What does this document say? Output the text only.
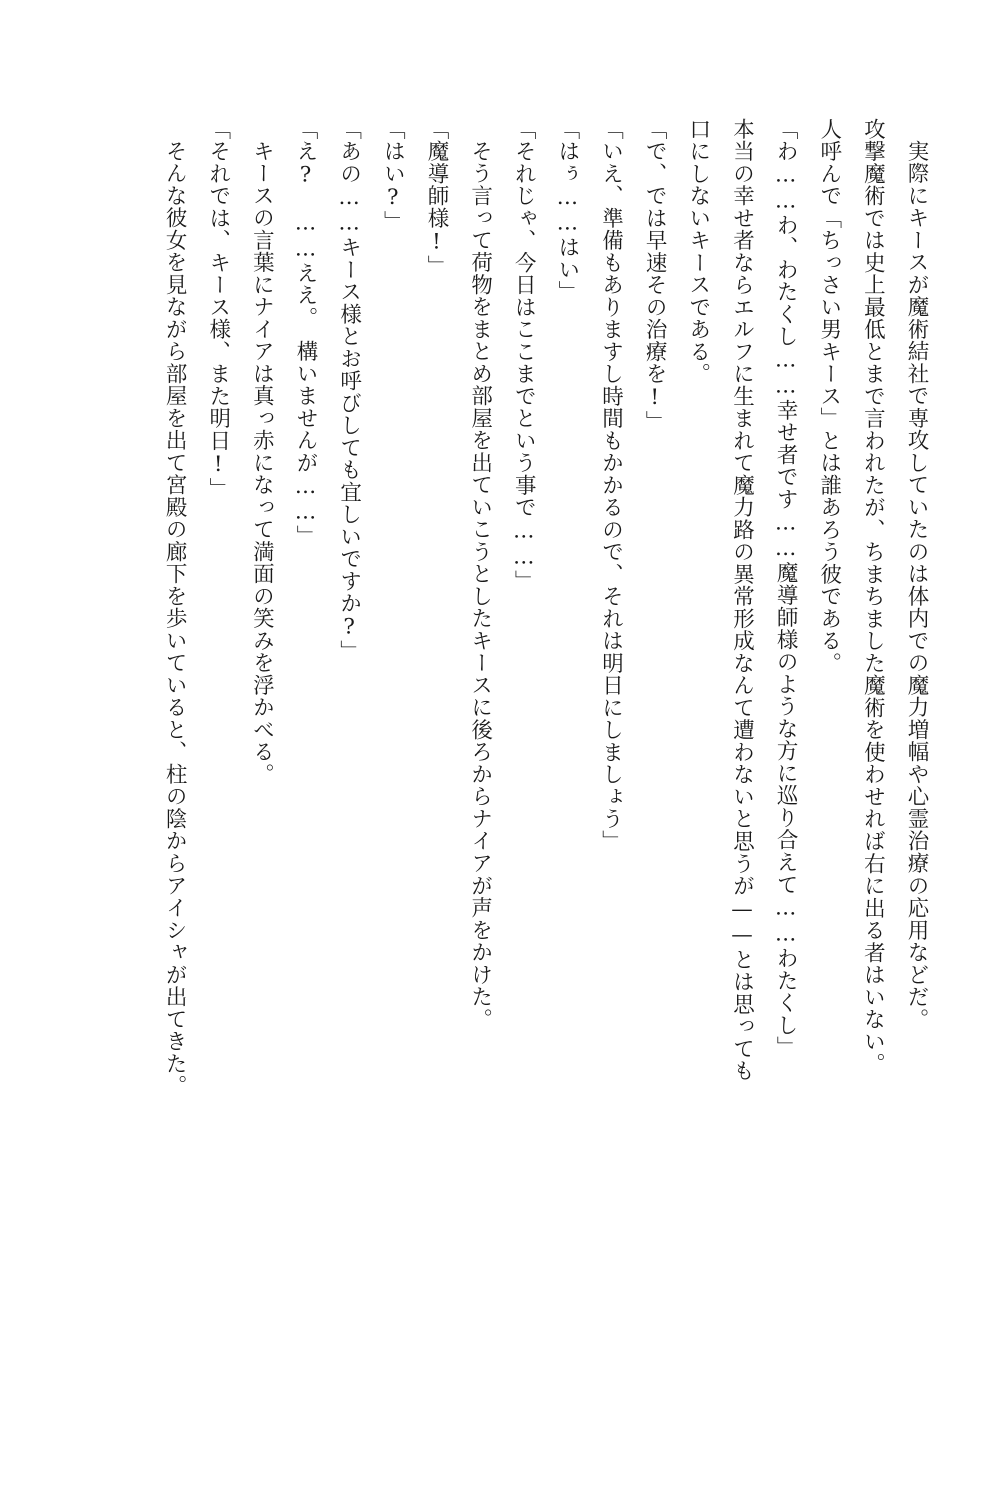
実際にキースが魔術結社で専攻していたのは体内での魔力増幅や心霊治療の応用などだ。
攻撃魔術では史上最低とまで言われたが、ちまちました魔術を使わせれば右に出る者はいない。
人呼んで「ちっさい男キース」とは誰あろう彼である。
「わ……わ、わたくし……幸せ者です……魔導師様のような方に巡り合えて……わたくし」
本当の幸せ者ならエルフに生まれて魔力路の異常形成なんて遭わないと思うが——とは思っても
口にしないキースである。
「で、では早速その治療を!」
「いえ、準備もありますし時間もかかるので、それは明日にしましょう」
「はぅ……はい」
「それじゃ、今日はここまでという事で……」
そう言って荷物をまとめ部屋を出ていこうとしたキースに後ろからナイアが声をかけた。
「魔導師様!」
「はい?」
「あの……キース様とお呼びしても宜しいですか?」
「え?　……ええ。　構いませんが……」
キースの言葉にナイアは真っ赤になって満面の笑みを浮かべる。
「それでは、キース様、また明日!」
そんな彼女を見ながら部屋を出て宮殿の廊下を歩いていると、柱の陰からアイシャが出てきた。
